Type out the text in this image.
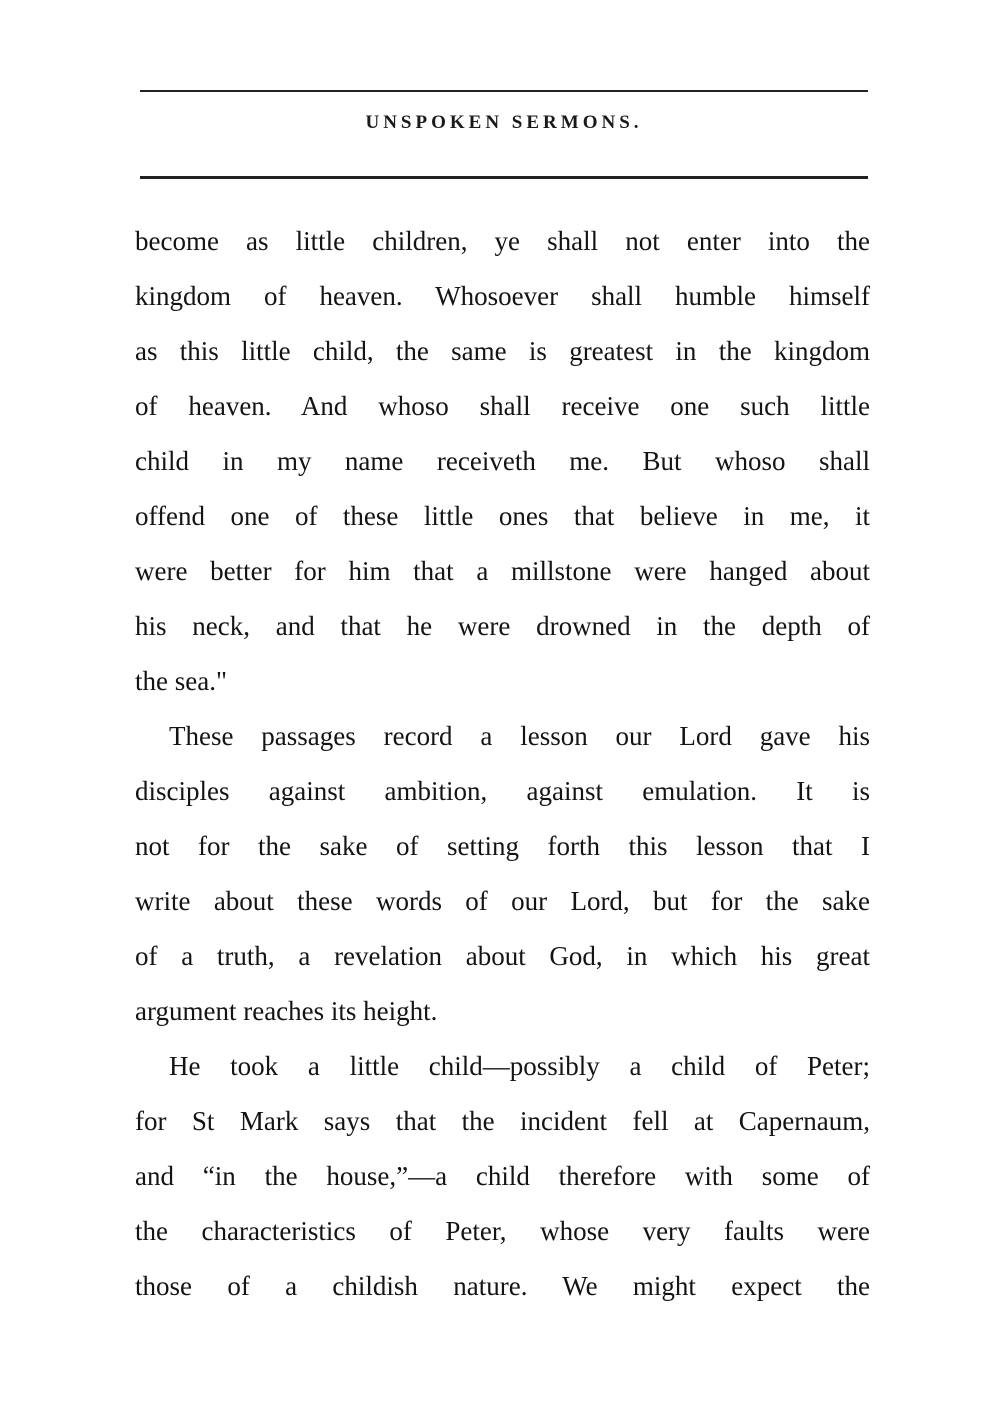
UNSPOKEN SERMONS.
become as little children, ye shall not enter into the
kingdom of heaven. Whosoever shall humble himself
as this little child, the same is greatest in the kingdom
of heaven. And whoso shall receive one such little
child in my name receiveth me. But whoso shall
offend one of these little ones that believe in me, it
were better for him that a millstone were hanged about
his neck, and that he were drowned in the depth of
the sea."
These passages record a lesson our Lord gave his
disciples against ambition, against emulation. It is
not for the sake of setting forth this lesson that I
write about these words of our Lord, but for the sake
of a truth, a revelation about God, in which his great
argument reaches its height.
He took a little child—possibly a child of Peter;
for St Mark says that the incident fell at Capernaum,
and “in the house,”—a child therefore with some of
the characteristics of Peter, whose very faults were
those of a childish nature. We might expect the
